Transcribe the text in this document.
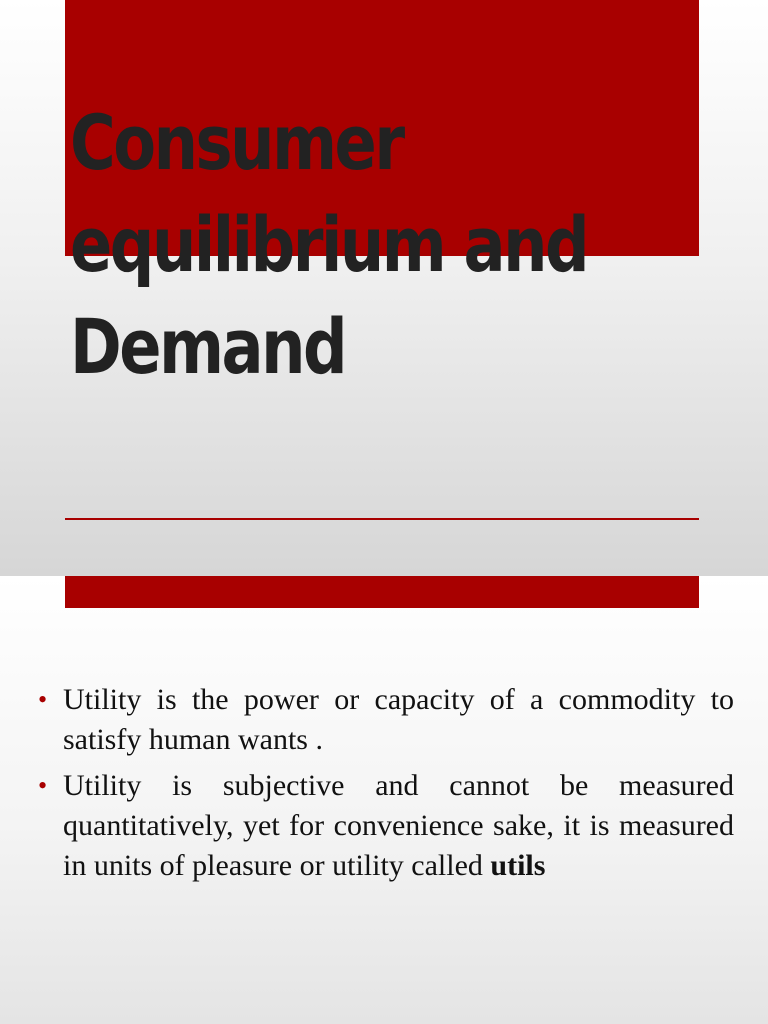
Consumer
equilibrium and
Demand
• Utility is the power or capacity of a commodity to satisfy human wants .
• Utility is subjective and cannot be measured quantitatively, yet for convenience sake, it is measured in units of pleasure or utility called utils
